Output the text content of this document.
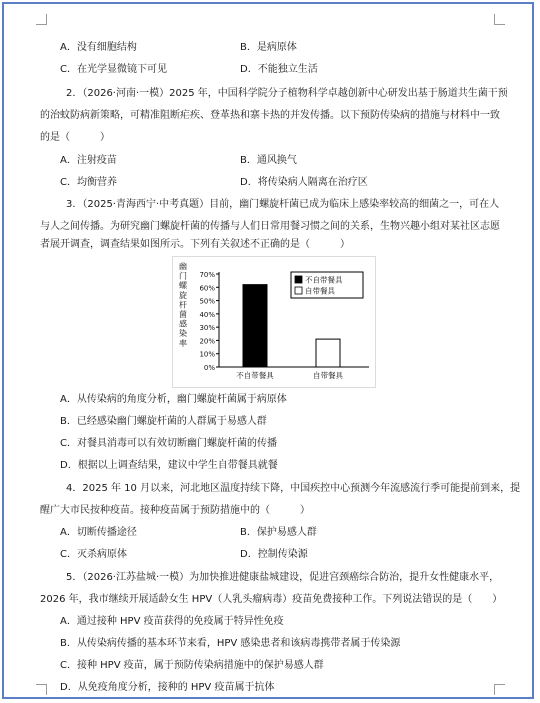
A．没有细胞结构	B．是病原体
C．在光学显微镜下可见	D．不能独立生活
2．（2026·河南·一模）2025 年，中国科学院分子植物科学卓越创新中心研发出基于肠道共生菌干预
的治蚊防病新策略，可精准阻断疟疾、登革热和寨卡热的并发传播。以下预防传染病的措施与材料中一致
的是（　　　）
A．注射疫苗	B．通风换气
C．均衡营养	D．将传染病人隔离在治疗区
3．（2025·青海西宁·中考真题）目前，幽门螺旋杆菌已成为临床上感染率较高的细菌之一，可在人
与人之间传播。为研究幽门螺旋杆菌的传播与人们日常用餐习惯之间的关系，生物兴趣小组对某社区志愿
者展开调查，调查结果如图所示。下列有关叙述不正确的是（　　　）
幽
门
螺
旋
杆
菌
感
染
率
0%
10%
20%
30%
40%
50%
60%
70%
不自带餐具	自带餐具
不自带餐具
自带餐具
A．从传染病的角度分析，幽门螺旋杆菌属于病原体
B．已经感染幽门螺旋杆菌的人群属于易感人群
C．对餐具消毒可以有效切断幽门螺旋杆菌的传播
D．根据以上调查结果，建议中学生自带餐具就餐
4．2025 年 10 月以来，河北地区温度持续下降，中国疾控中心预测今年流感流行季可能提前到来，提
醒广大市民按种疫苗。接种疫苗属于预防措施中的（　　　）
A．切断传播途径	B．保护易感人群
C．灭杀病原体	D．控制传染源
5．（2026·江苏盐城·一模）为加快推进健康盐城建设，促进宫颈癌综合防治，提升女性健康水平，
2026 年，我市继续开展适龄女生 HPV（人乳头瘤病毒）疫苗免费接种工作。下列说法错误的是（　　）
A．通过接种 HPV 疫苗获得的免疫属于特异性免疫
B．从传染病传播的基本环节来看，HPV 感染患者和该病毒携带者属于传染源
C．接种 HPV 疫苗，属于预防传染病措施中的保护易感人群
D．从免疫角度分析，接种的 HPV 疫苗属于抗体
